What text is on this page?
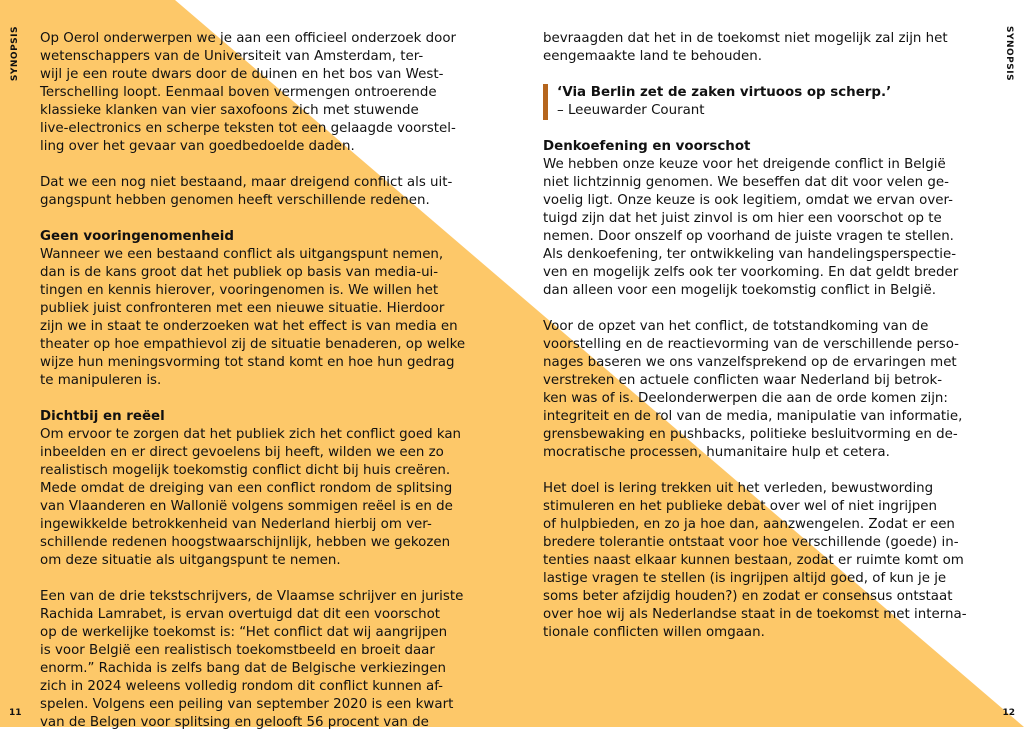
SYNOPSIS	SYNOPSIS

Op Oerol onderwerpen we je aan een officieel onderzoek door
wetenschappers van de Universiteit van Amsterdam, ter-
wijl je een route dwars door de duinen en het bos van West-
Terschelling loopt. Eenmaal boven vermengen ontroerende
klassieke klanken van vier saxofoons zich met stuwende
live-electronics en scherpe teksten tot een gelaagde voorstel-
ling over het gevaar van goedbedoelde daden.

Dat we een nog niet bestaand, maar dreigend conflict als uit-
gangspunt hebben genomen heeft verschillende redenen.

Geen vooringenomenheid

Wanneer we een bestaand conflict als uitgangspunt nemen,
dan is de kans groot dat het publiek op basis van media-ui-
tingen en kennis hierover, vooringenomen is. We willen het
publiek juist confronteren met een nieuwe situatie. Hierdoor
zijn we in staat te onderzoeken wat het effect is van media en
theater op hoe empathievol zij de situatie benaderen, op welke
wijze hun meningsvorming tot stand komt en hoe hun gedrag
te manipuleren is.

Dichtbij en reëel

Om ervoor te zorgen dat het publiek zich het conflict goed kan
inbeelden en er direct gevoelens bij heeft, wilden we een zo
realistisch mogelijk toekomstig conflict dicht bij huis creëren.
Mede omdat de dreiging van een conflict rondom de splitsing
van Vlaanderen en Wallonië volgens sommigen reëel is en de
ingewikkelde betrokkenheid van Nederland hierbij om ver-
schillende redenen hoogstwaarschijnlijk, hebben we gekozen
om deze situatie als uitgangspunt te nemen.

Een van de drie tekstschrijvers, de Vlaamse schrijver en juriste
Rachida Lamrabet, is ervan overtuigd dat dit een voorschot
op de werkelijke toekomst is: “Het conflict dat wij aangrijpen
is voor België een realistisch toekomstbeeld en broeit daar
enorm.” Rachida is zelfs bang dat de Belgische verkiezingen
zich in 2024 weleens volledig rondom dit conflict kunnen af-
spelen. Volgens een peiling van september 2020 is een kwart
van de Belgen voor splitsing en gelooft 56 procent van de

bevraagden dat het in de toekomst niet mogelijk zal zijn het
eengemaakte land te behouden.

‘Via Berlin zet de zaken virtuoos op scherp.’
– Leeuwarder Courant
Denkoefening en voorschot

We hebben onze keuze voor het dreigende conflict in België
niet lichtzinnig genomen. We beseffen dat dit voor velen ge-
voelig ligt. Onze keuze is ook legitiem, omdat we ervan over-
tuigd zijn dat het juist zinvol is om hier een voorschot op te
nemen. Door onszelf op voorhand de juiste vragen te stellen.
Als denkoefening, ter ontwikkeling van handelingsperspectie-
ven en mogelijk zelfs ook ter voorkoming. En dat geldt breder
dan alleen voor een mogelijk toekomstig conflict in België.

Voor de opzet van het conflict, de totstandkoming van de
voorstelling en de reactievorming van de verschillende perso-
nages baseren we ons vanzelfsprekend op de ervaringen met
verstreken en actuele conflicten waar Nederland bij betrok-
ken was of is. Deelonderwerpen die aan de orde komen zijn:
integriteit en de rol van de media, manipulatie van informatie,
grensbewaking en pushbacks, politieke besluitvorming en de-
mocratische processen, humanitaire hulp et cetera.

Het doel is lering trekken uit het verleden, bewustwording
stimuleren en het publieke debat over wel of niet ingrijpen
of hulpbieden, en zo ja hoe dan, aanzwengelen. Zodat er een
bredere tolerantie ontstaat voor hoe verschillende (goede) in-
tenties naast elkaar kunnen bestaan, zodat er ruimte komt om
lastige vragen te stellen (is ingrijpen altijd goed, of kun je je
soms beter afzijdig houden?) en zodat er consensus ontstaat
over hoe wij als Nederlandse staat in de toekomst met interna-
tionale conflicten willen omgaan.

11	12
